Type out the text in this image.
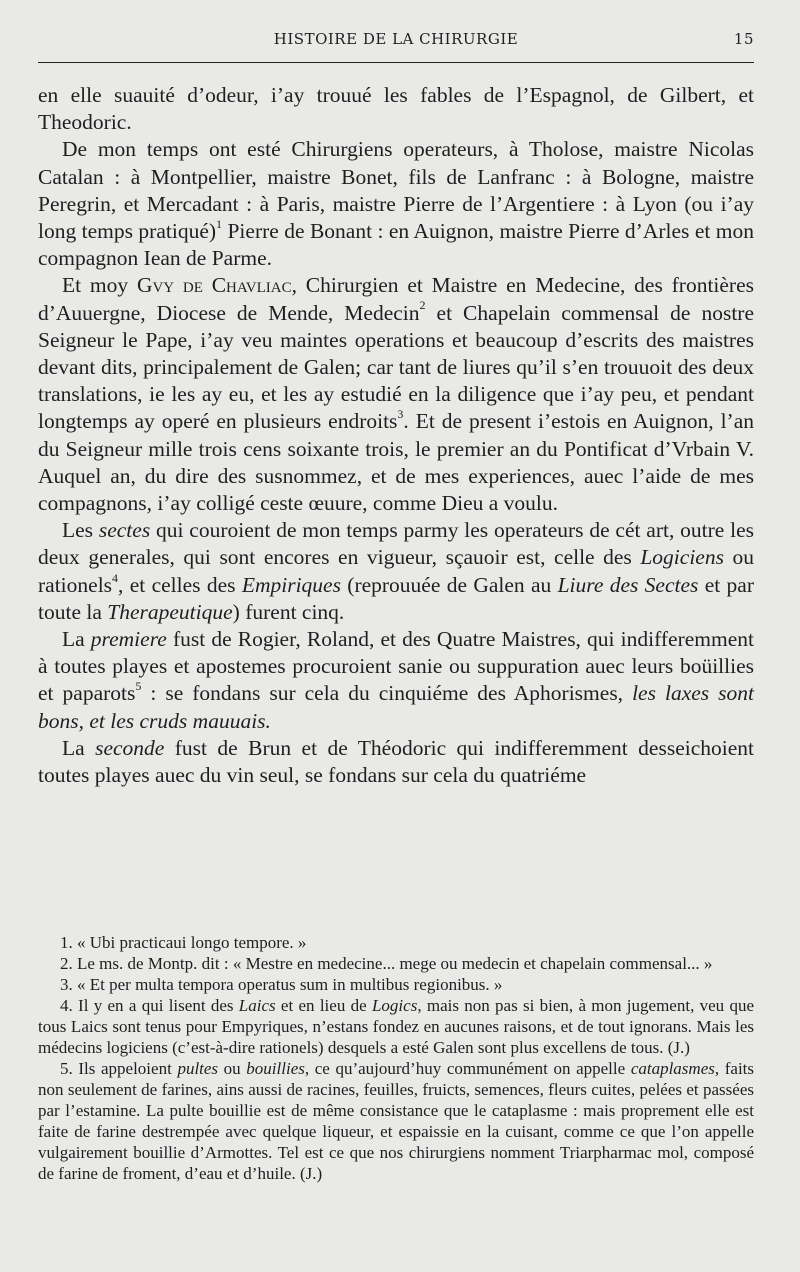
HISTOIRE DE LA CHIRURGIE	15

en elle suauité d’odeur, i’ay trouué les fables de l’Espagnol, de Gilbert, et Theodoric.

De mon temps ont esté Chirurgiens operateurs, à Tholose, maistre Nicolas Catalan : à Montpellier, maistre Bonet, fils de Lanfranc : à Bologne, maistre Peregrin, et Mercadant : à Paris, maistre Pierre de l’Argentiere : à Lyon (ou i’ay long temps pratiqué)$^1$ Pierre de Bonant : en Auignon, maistre Pierre d’Arles et mon compagnon Iean de Parme.

Et moy Gvy de Chavliac, Chirurgien et Maistre en Medecine, des frontières d’Auuergne, Diocese de Mende, Medecin$^2$ et Chapelain commensal de nostre Seigneur le Pape, i’ay veu maintes operations et beaucoup d’escrits des maistres devant dits, principalement de Galen; car tant de liures qu’il s’en trouuoit des deux translations, ie les ay eu, et les ay estudié en la diligence que i’ay peu, et pendant longtemps ay operé en plusieurs endroits$^3$. Et de present i’estois en Auignon, l’an du Seigneur mille trois cens soixante trois, le premier an du Pontificat d’Vrbain V. Auquel an, du dire des susnommez, et de mes experiences, auec l’aide de mes compagnons, i’ay colligé ceste œuure, comme Dieu a voulu.

Les sectes qui couroient de mon temps parmy les operateurs de cét art, outre les deux generales, qui sont encores en vigueur, sçauoir est, celle des Logiciens ou rationels$^4$, et celles des Empiriques (reprouuée de Galen au Liure des Sectes et par toute la Therapeutique) furent cinq.

La premiere fust de Rogier, Roland, et des Quatre Maistres, qui indifferemment à toutes playes et apostemes procuroient sanie ou suppuration auec leurs boüillies et paparots$^5$ : se fondans sur cela du cinquiéme des Aphorismes, les laxes sont bons, et les cruds mauuais.

La seconde fust de Brun et de Théodoric qui indifferemment desseichoient toutes playes auec du vin seul, se fondans sur cela du quatriéme

1. « Ubi practicaui longo tempore. »

2. Le ms. de Montp. dit : « Mestre en medecine... mege ou medecin et chapelain commensal... »

3. « Et per multa tempora operatus sum in multibus regionibus. »

4. Il y en a qui lisent des Laics et en lieu de Logics, mais non pas si bien, à mon jugement, veu que tous Laics sont tenus pour Empyriques, n’estans fondez en aucunes raisons, et de tout ignorans. Mais les médecins logiciens (c’est-à-dire rationels) desquels a esté Galen sont plus excellens de tous. (J.)

5. Ils appeloient pultes ou bouillies, ce qu’aujourd’huy communément on appelle cataplasmes, faits non seulement de farines, ains aussi de racines, feuilles, fruicts, semences, fleurs cuites, pelées et passées par l’estamine. La pulte bouillie est de même consistance que le cataplasme : mais proprement elle est faite de farine destrempée avec quelque liqueur, et espaissie en la cuisant, comme ce que l’on appelle vulgairement bouillie d’Armottes. Tel est ce que nos chirurgiens nomment Triarpharmac mol, composé de farine de froment, d’eau et d’huile. (J.)
